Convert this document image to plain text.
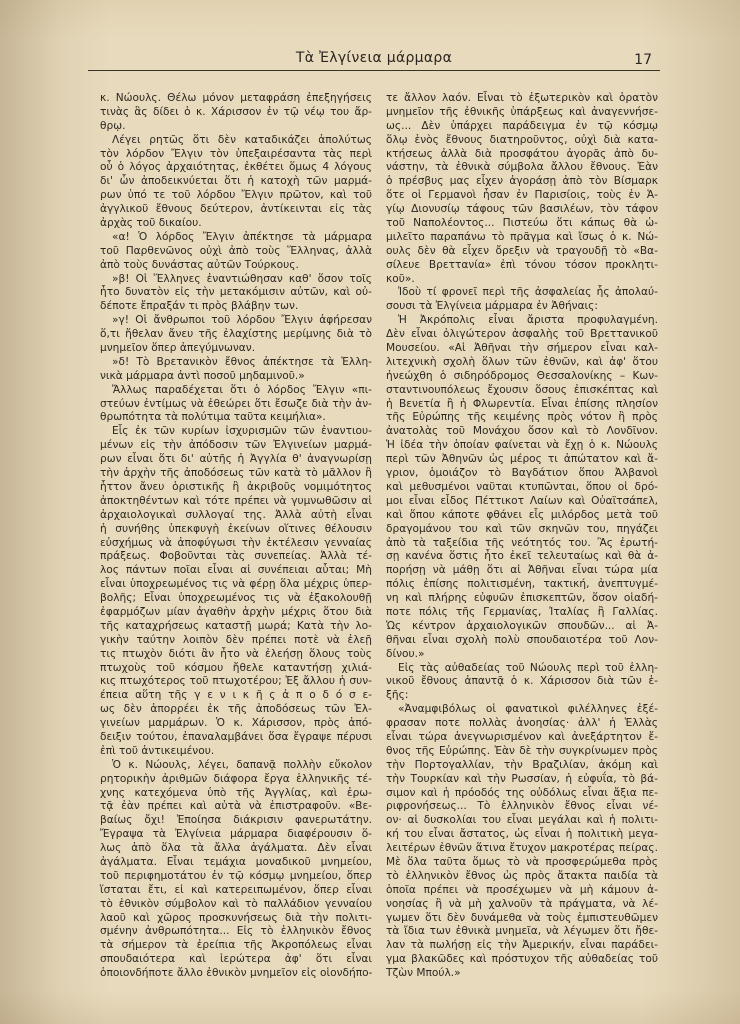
Τὰ Ἐλγίνεια μάρμαρα	17
κ. Νώουλς. Θέλω μόνον μεταφράση ἐπεξηγήσεις
τινὰς ἃς δίδει ὁ κ. Χάρισσον ἐν τῷ νέῳ του ἄρ-
θρῳ.
Λέγει ρητῶς ὅτι δὲν καταδικάζει ἀπολύτως
τὸν λόρδον Ἔλγιν τὸν ὑπεξαιρέσαντα τὰς περὶ
οὗ ὁ λόγος ἀρχαιότητας, ἐκθέτει ὅμως 4 λόγους
δι' ὧν ἀποδεικνύεται ὅτι ἡ κατοχὴ τῶν μαρμά-
ρων ὑπό τε τοῦ λόρδου Ἔλγιν πρῶτον, καὶ τοῦ
ἀγγλικοῦ ἔθνους δεύτερον, ἀντίκεινται εἰς τὰς
ἀρχὰς τοῦ δικαίου.
«α! Ὁ λόρδος Ἔλγιν ἀπέκτησε τὰ μάρμαρα
τοῦ Παρθενῶνος οὐχὶ ἀπὸ τοὺς Ἕλληνας, ἀλλὰ
ἀπὸ τοὺς δυνάστας αὐτῶν Τούρκους.
»β! Οἱ Ἕλληνες ἐναντιώθησαν καθ' ὅσον τοῖς
ἦτο δυνατὸν εἰς τὴν μετακόμισιν αὐτῶν, καὶ οὐ-
δέποτε ἔπραξάν τι πρὸς βλάβην των.
»γ! Οἱ ἄνθρωποι τοῦ λόρδου Ἔλγιν ἀφήρεσαν
ὅ,τι ἤθελαν ἄνευ τῆς ἐλαχίστης μερίμνης διὰ τὸ
μνημεῖον ὅπερ ἀπεγύμνωναν.
»δ! Τὸ Βρετανικὸν ἔθνος ἀπέκτησε τὰ Ἑλλη-
νικὰ μάρμαρα ἀντὶ ποσοῦ μηδαμινοῦ.»
Ἄλλως παραδέχεται ὅτι ὁ λόρδος Ἔλγιν «πι-
στεύων ἐντίμως νὰ ἐθεώρει ὅτι ἔσωζε διὰ τὴν ἀν-
θρωπότητα τὰ πολύτιμα ταῦτα κειμήλια».
Εἷς ἐκ τῶν κυρίων ἰσχυρισμῶν τῶν ἐναντιου-
μένων εἰς τὴν ἀπόδοσιν τῶν Ἐλγινείων μαρμά-
ρων εἶναι ὅτι δι' αὐτῆς ἡ Ἀγγλία θ' ἀναγνωρίσῃ
τὴν ἀρχὴν τῆς ἀποδόσεως τῶν κατὰ τὸ μᾶλλον ἢ
ἧττον ἄνευ ὁριστικῆς ἢ ἀκριβοῦς νομιμότητος
ἀποκτηθέντων καὶ τότε πρέπει νὰ γυμνωθῶσιν αἱ
ἀρχαιολογικαὶ συλλογαί της. Ἀλλὰ αὐτὴ εἶναι
ἡ συνήθης ὑπεκφυγὴ ἐκείνων οἵτινες θέλουσιν
εὐσχήμως νὰ ἀποφύγωσι τὴν ἐκτέλεσιν γενναίας
πράξεως. Φοβοῦνται τὰς συνεπείας. Ἀλλὰ τέ-
λος πάντων ποῖαι εἶναι αἱ συνέπειαι αὗται; Μὴ
εἶναι ὑποχρεωμένος τις νὰ φέρῃ ὅλα μέχρις ὑπερ-
βολῆς; Εἶναι ὑποχρεωμένος τις νὰ ἐξακολουθῇ
ἐφαρμόζων μίαν ἀγαθὴν ἀρχὴν μέχρις ὅτου διὰ
τῆς καταχρήσεως καταστῇ μωρά; Κατὰ τὴν λο-
γικὴν ταύτην λοιπὸν δὲν πρέπει ποτὲ νὰ ἐλεῇ
τις πτωχὸν διότι ἂν ἦτο νὰ ἐλεήσῃ ὅλους τοὺς
πτωχοὺς τοῦ κόσμου ἤθελε καταντήσῃ χιλιά-
κις πτωχότερος τοῦ πτωχοτέρου; Ἐξ ἄλλου ἡ συν-
έπεια αὕτη τῆς γ ε ν ι κ ῆ ς ἀ π ο δ ό σ ε-
ως δὲν ἀπορρέει ἐκ τῆς ἀποδόσεως τῶν Ἐλ-
γινείων μαρμάρων. Ὁ κ. Χάρισσον, πρὸς ἀπό-
δειξιν τούτου, ἐπαναλαμβάνει ὅσα ἔγραψε πέρυσι
ἐπὶ τοῦ ἀντικειμένου.
Ὁ κ. Νώουλς, λέγει, δαπανᾷ πολλὴν εὔκολον
ρητορικὴν ἀριθμῶν διάφορα ἔργα ἑλληνικῆς τέ-
χνης κατεχόμενα ὑπὸ τῆς Ἀγγλίας, καὶ ἐρω-
τᾷ ἐὰν πρέπει καὶ αὐτὰ νὰ ἐπιστραφοῦν. «Βε-
βαίως ὄχι! Ἐποίησα διάκρισιν φανερωτάτην.
Ἔγραψα τὰ Ἐλγίνεια μάρμαρα διαφέρουσιν ὅ-
λως ἀπὸ ὅλα τὰ ἄλλα ἀγάλματα. Δὲν εἶναι
ἀγάλματα. Εἶναι τεμάχια μοναδικοῦ μνημείου,
τοῦ περιφημοτάτου ἐν τῷ κόσμῳ μνημείου, ὅπερ
ἵσταται ἔτι, εἰ καὶ κατερειπωμένον, ὅπερ εἶναι
τὸ ἐθνικὸν σύμβολον καὶ τὸ παλλάδιον γενναίου
λαοῦ καὶ χῶρος προσκυνήσεως διὰ τὴν πολιτι-
σμένην ἀνθρωπότητα... Εἰς τὸ ἑλληνικὸν ἔθνος
τὰ σήμερον τὰ ἐρείπια τῆς Ἀκροπόλεως εἶναι
σπουδαιότερα καὶ ἱερώτερα ἀφ' ὅτι εἶναι
ὁποιονδήποτε ἄλλο ἐθνικὸν μνημεῖον εἰς οἱονδήπο-
τε ἄλλον λαόν. Εἶναι τὸ ἐξωτερικὸν καὶ ὁρατὸν
μνημεῖον τῆς ἐθνικῆς ὑπάρξεως καὶ ἀναγεννήσε-
ως... Δὲν ὑπάρχει παράδειγμα ἐν τῷ κόσμῳ
ὅλῳ ἑνὸς ἔθνους διατηροῦντος, οὐχὶ διὰ κατα-
κτήσεως ἀλλὰ διὰ προσφάτου ἀγορᾶς ἀπὸ δυ-
νάστην, τὰ ἐθνικὰ σύμβολα ἄλλου ἔθνους. Ἐὰν
ὁ πρέσβυς μας εἶχεν ἀγοράσῃ ἀπὸ τὸν Βίσμαρκ
ὅτε οἱ Γερμανοὶ ἦσαν ἐν Παρισίοις, τοὺς ἐν Ἁ-
γίῳ Διονυσίῳ τάφους τῶν βασιλέων, τὸν τάφον
τοῦ Ναπολέοντος... Πιστεύω ὅτι κάπως θὰ ὡ-
μιλεῖτο παραπάνω τὸ πρᾶγμα καὶ ἴσως ὁ κ. Νώ-
ουλς δὲν θὰ εἶχεν ὄρεξιν νὰ τραγουδῇ τὸ «Βα-
σίλευε Βρεττανία» ἐπὶ τόνου τόσον προκλητι-
κοῦ».
Ἰδοὺ τί φρονεῖ περὶ τῆς ἀσφαλείας ἧς ἀπολαύ-
σουσι τὰ Ἐλγίνεια μάρμαρα ἐν Ἀθήναις:
Ἡ Ἀκρόπολις εἶναι ἄριστα προφυλαγμένη.
Δὲν εἶναι ὀλιγώτερον ἀσφαλὴς τοῦ Βρεττανικοῦ
Μουσείου. «Αἱ Ἀθῆναι τὴν σήμερον εἶναι καλ-
λιτεχνικὴ σχολὴ ὅλων τῶν ἐθνῶν, καὶ ἀφ' ὅτου
ἠνεώχθη ὁ σιδηρόδρομος Θεσσαλονίκης – Κων-
σταντινουπόλεως ἔχουσιν ὅσους ἐπισκέπτας καὶ
ἡ Βενετία ἢ ἡ Φλωρεντία. Εἶναι ἐπίσης πλησίον
τῆς Εὐρώπης τῆς κειμένης πρὸς νότον ἢ πρὸς
ἀνατολὰς τοῦ Μονάχου ὅσον καὶ τὸ Λονδῖνον.
Ἡ ἰδέα τὴν ὁποίαν φαίνεται νὰ ἔχῃ ὁ κ. Νώουλς
περὶ τῶν Ἀθηνῶν ὡς μέρος τι ἀπώτατον καὶ ἄ-
γριον, ὁμοιάζον τὸ Βαγδάτιον ὅπου Ἀλβανοὶ
καὶ μεθυσμένοι ναῦται κτυπῶνται, ὅπου οἱ δρό-
μοι εἶναι εἶδος Πέττικοτ Λαίων καὶ Οὐαϊτσάπελ,
καὶ ὅπου κάποτε φθάνει εἷς μιλόρδος μετὰ τοῦ
δραγομάνου του καὶ τῶν σκηνῶν του, πηγάζει
ἀπὸ τὰ ταξείδια τῆς νεότητός του. Ἂς ἐρωτή-
σῃ κανένα ὅστις ἦτο ἐκεῖ τελευταίως καὶ θὰ ἀ-
πορήσῃ νὰ μάθῃ ὅτι αἱ Ἀθῆναι εἶναι τώρα μία
πόλις ἐπίσης πολιτισμένη, τακτική, ἀνεπτυγμέ-
νη καὶ πλήρης εὐφυῶν ἐπισκεπτῶν, ὅσον οἱαδή-
ποτε πόλις τῆς Γερμανίας, Ἰταλίας ἢ Γαλλίας.
Ὡς κέντρον ἀρχαιολογικῶν σπουδῶν... αἱ Ἀ-
θῆναι εἶναι σχολὴ πολὺ σπουδαιοτέρα τοῦ Λον-
δίνου.»
Εἰς τὰς αὐθαδείας τοῦ Νώουλς περὶ τοῦ ἑλλη-
νικοῦ ἔθνους ἀπαντᾷ ὁ κ. Χάρισσον διὰ τῶν ἑ-
ξῆς:
«Ἀναμφιβόλως οἱ φανατικοὶ φιλέλληνες ἐξέ-
φρασαν ποτε πολλὰς ἀνοησίας· ἀλλ' ἡ Ἑλλὰς
εἶναι τώρα ἀνεγνωρισμένον καὶ ἀνεξάρτητον ἔ-
θνος τῆς Εὐρώπης. Ἐὰν δὲ τὴν συγκρίνωμεν πρὸς
τὴν Πορτογαλλίαν, τὴν Βραζιλίαν, ἀκόμη καὶ
τὴν Τουρκίαν καὶ τὴν Ρωσσίαν, ἡ εὐφυΐα, τὸ βά-
σιμον καὶ ἡ πρόοδός της οὐδόλως εἶναι ἄξια πε-
ριφρονήσεως... Τὸ ἑλληνικὸν ἔθνος εἶναι νέ-
ον· αἱ δυσκολίαι του εἶναι μεγάλαι καὶ ἡ πολιτι-
κή του εἶναι ἄστατος, ὡς εἶναι ἡ πολιτικὴ μεγα-
λειτέρων ἐθνῶν ἅτινα ἔτυχον μακροτέρας πείρας.
Μὲ ὅλα ταῦτα ὅμως τὸ νὰ προσφερώμεθα πρὸς
τὸ ἑλληνικὸν ἔθνος ὡς πρὸς ἄτακτα παιδία τὰ
ὁποῖα πρέπει νὰ προσέχωμεν νὰ μὴ κάμουν ἀ-
νοησίας ἢ νὰ μὴ χαλνοῦν τὰ πράγματα, νὰ λέ-
γωμεν ὅτι δὲν δυνάμεθα νὰ τοὺς ἐμπιστευθῶμεν
τὰ ἴδια των ἐθνικὰ μνημεῖα, νὰ λέγωμεν ὅτι ἤθε-
λαν τὰ πωλήσῃ εἰς τὴν Ἀμερικήν, εἶναι παράδει-
γμα βλακῶδες καὶ πρόστυχον τῆς αὐθαδείας τοῦ
Τζὼν Μπούλ.»
